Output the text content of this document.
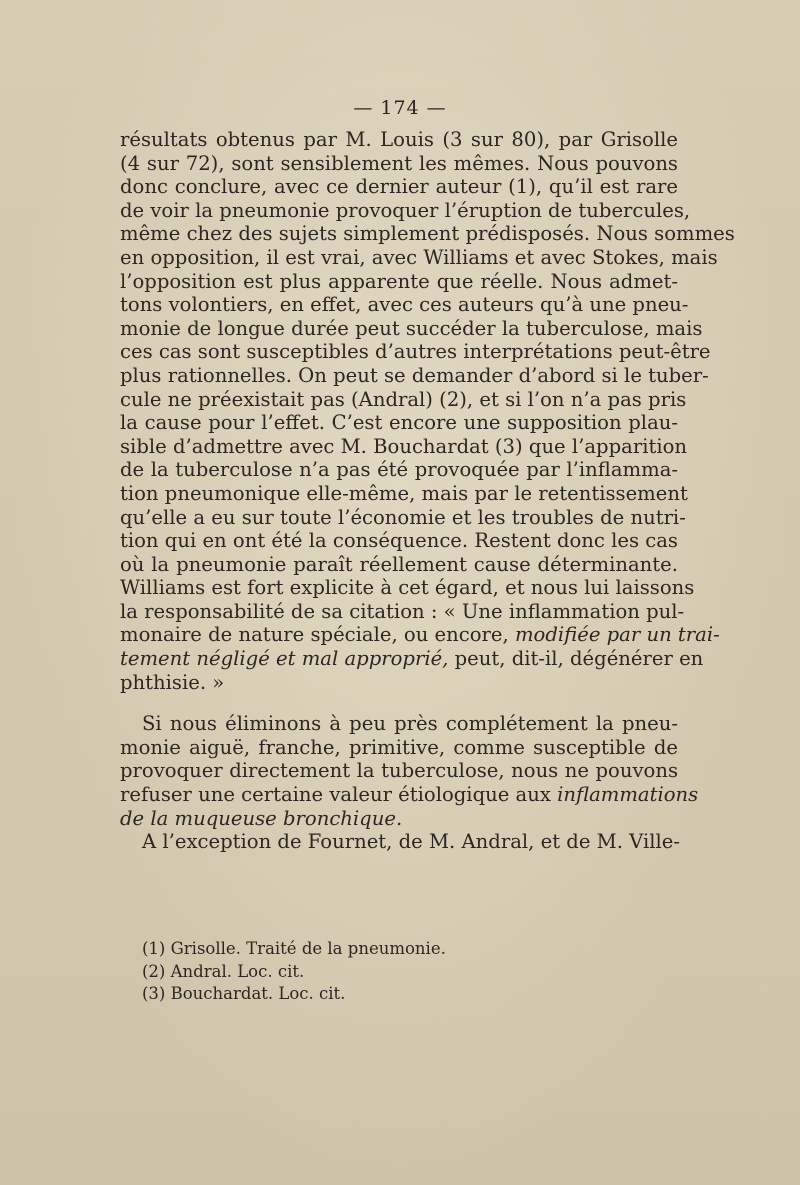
— 174 —
résultats obtenus par M. Louis (3 sur 80), par Grisolle
(4 sur 72), sont sensiblement les mêmes. Nous pouvons
donc conclure, avec ce dernier auteur (1), qu’il est rare
de voir la pneumonie provoquer l’éruption de tubercules,
même chez des sujets simplement prédisposés. Nous sommes
en opposition, il est vrai, avec Williams et avec Stokes, mais
l’opposition est plus apparente que réelle. Nous admet-
tons volontiers, en effet, avec ces auteurs qu’à une pneu-
monie de longue durée peut succéder la tuberculose, mais
ces cas sont susceptibles d’autres interprétations peut-être
plus rationnelles. On peut se demander d’abord si le tuber-
cule ne préexistait pas (Andral) (2), et si l’on n’a pas pris
la cause pour l’effet. C’est encore une supposition plau-
sible d’admettre avec M. Bouchardat (3) que l’apparition
de la tuberculose n’a pas été provoquée par l’inflamma-
tion pneumonique elle-même, mais par le retentissement
qu’elle a eu sur toute l’économie et les troubles de nutri-
tion qui en ont été la conséquence. Restent donc les cas
où la pneumonie paraît réellement cause déterminante.
Williams est fort explicite à cet égard, et nous lui laissons
la responsabilité de sa citation : « Une inflammation pul-
monaire de nature spéciale, ou encore, modifiée par un trai-
tement négligé et mal approprié, peut, dit-il, dégénérer en
phthisie. »
Si nous éliminons à peu près complétement la pneu-
monie aiguë, franche, primitive, comme susceptible de
provoquer directement la tuberculose, nous ne pouvons
refuser une certaine valeur étiologique aux inflammations
de la muqueuse bronchique.
A l’exception de Fournet, de M. Andral, et de M. Ville-
(1) Grisolle. Traité de la pneumonie.
(2) Andral. Loc. cit.
(3) Bouchardat. Loc. cit.
